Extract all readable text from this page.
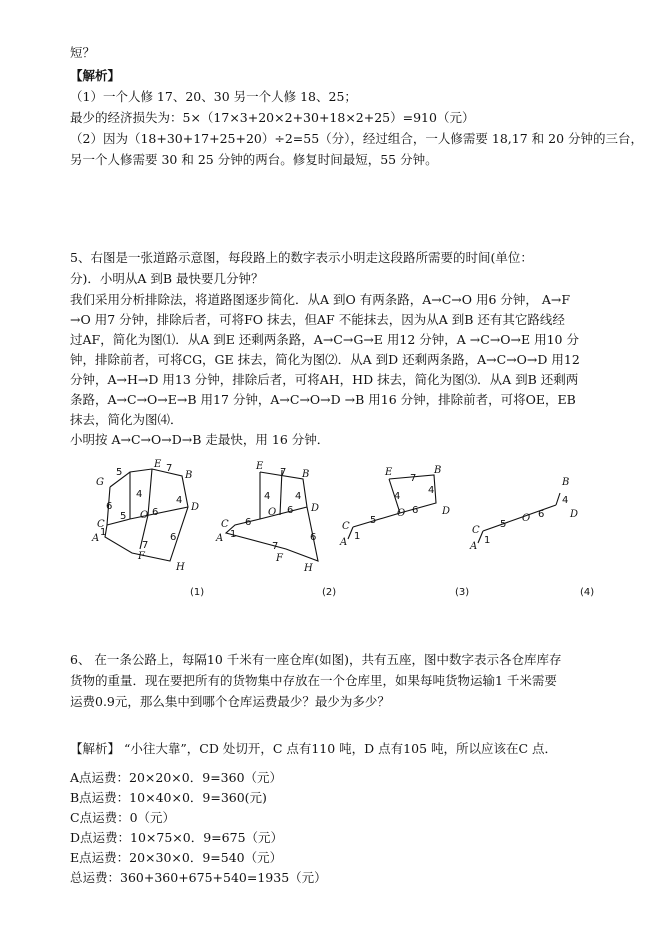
短？
【解析】
（1）一个人修 17、20、30 另一个人修 18、25；
最少的经济损失为：5×（17×3+20×2+30+18×2+25）=910（元）
（2）因为（18+30+17+25+20）÷2=55（分），经过组合，一人修需要 18,17 和 20 分钟的三台，
另一个人修需要 30 和 25 分钟的两台。修复时间最短，55 分钟。
5、右图是一张道路示意图，每段路上的数字表示小明走这段路所需要的时间(单位：
分)．小明从A 到B 最快要几分钟？
我们采用分析排除法，将道路图逐步简化．从A 到O 有两条路，A→C→O 用6 分钟， A→F
→O 用7 分钟，排除后者，可将FO 抹去，但AF 不能抹去，因为从A 到B 还有其它路线经
过AF，简化为图⑴．从A 到E 还剩两条路，A→C→G→E 用12 分钟，A →C→O→E 用10 分
钟，排除前者，可将CG，GE 抹去，简化为图⑵．从A 到D 还剩两条路，A→C→O→D 用12
分钟，A→H→D 用13 分钟，排除后者，可将AH，HD 抹去，简化为图⑶．从A 到B 还剩两
条路，A→C→O→E→B 用17 分钟，A→C→O→D →B 用16 分钟，排除前者，可将OE，EB
抹去，简化为图⑷．
小明按 A→C→O→D→B 走最快，用 16 分钟．
G
E
B
D
C
A
F
H
O
5	7
6
5
4
4
1
6
7
6
(1)
E
B
D
C
A
F
H
O
7
4 4
1
6
6
7
6
(2)
E	B
D
C
A
O
7
4
4
1
5
6
(3)
B
D
C
A
O
4
1
5
6
(4)
6、 在一条公路上，每隔10 千米有一座仓库(如图)，共有五座，图中数字表示各仓库库存
货物的重量．现在要把所有的货物集中存放在一个仓库里，如果每吨货物运输1 千米需要
运费0.9元，那么集中到哪个仓库运费最少？最少为多少？
【解析】 “小往大靠”，CD 处切开，C 点有110 吨，D 点有105 吨，所以应该在C 点．
A点运费：20×20×0．9=360（元）
B点运费：10×40×0．9=360(元)
C点运费：0（元）
D点运费：10×75×0．9=675（元）
E点运费：20×30×0．9=540（元）
总运费：360+360+675+540=1935（元）
